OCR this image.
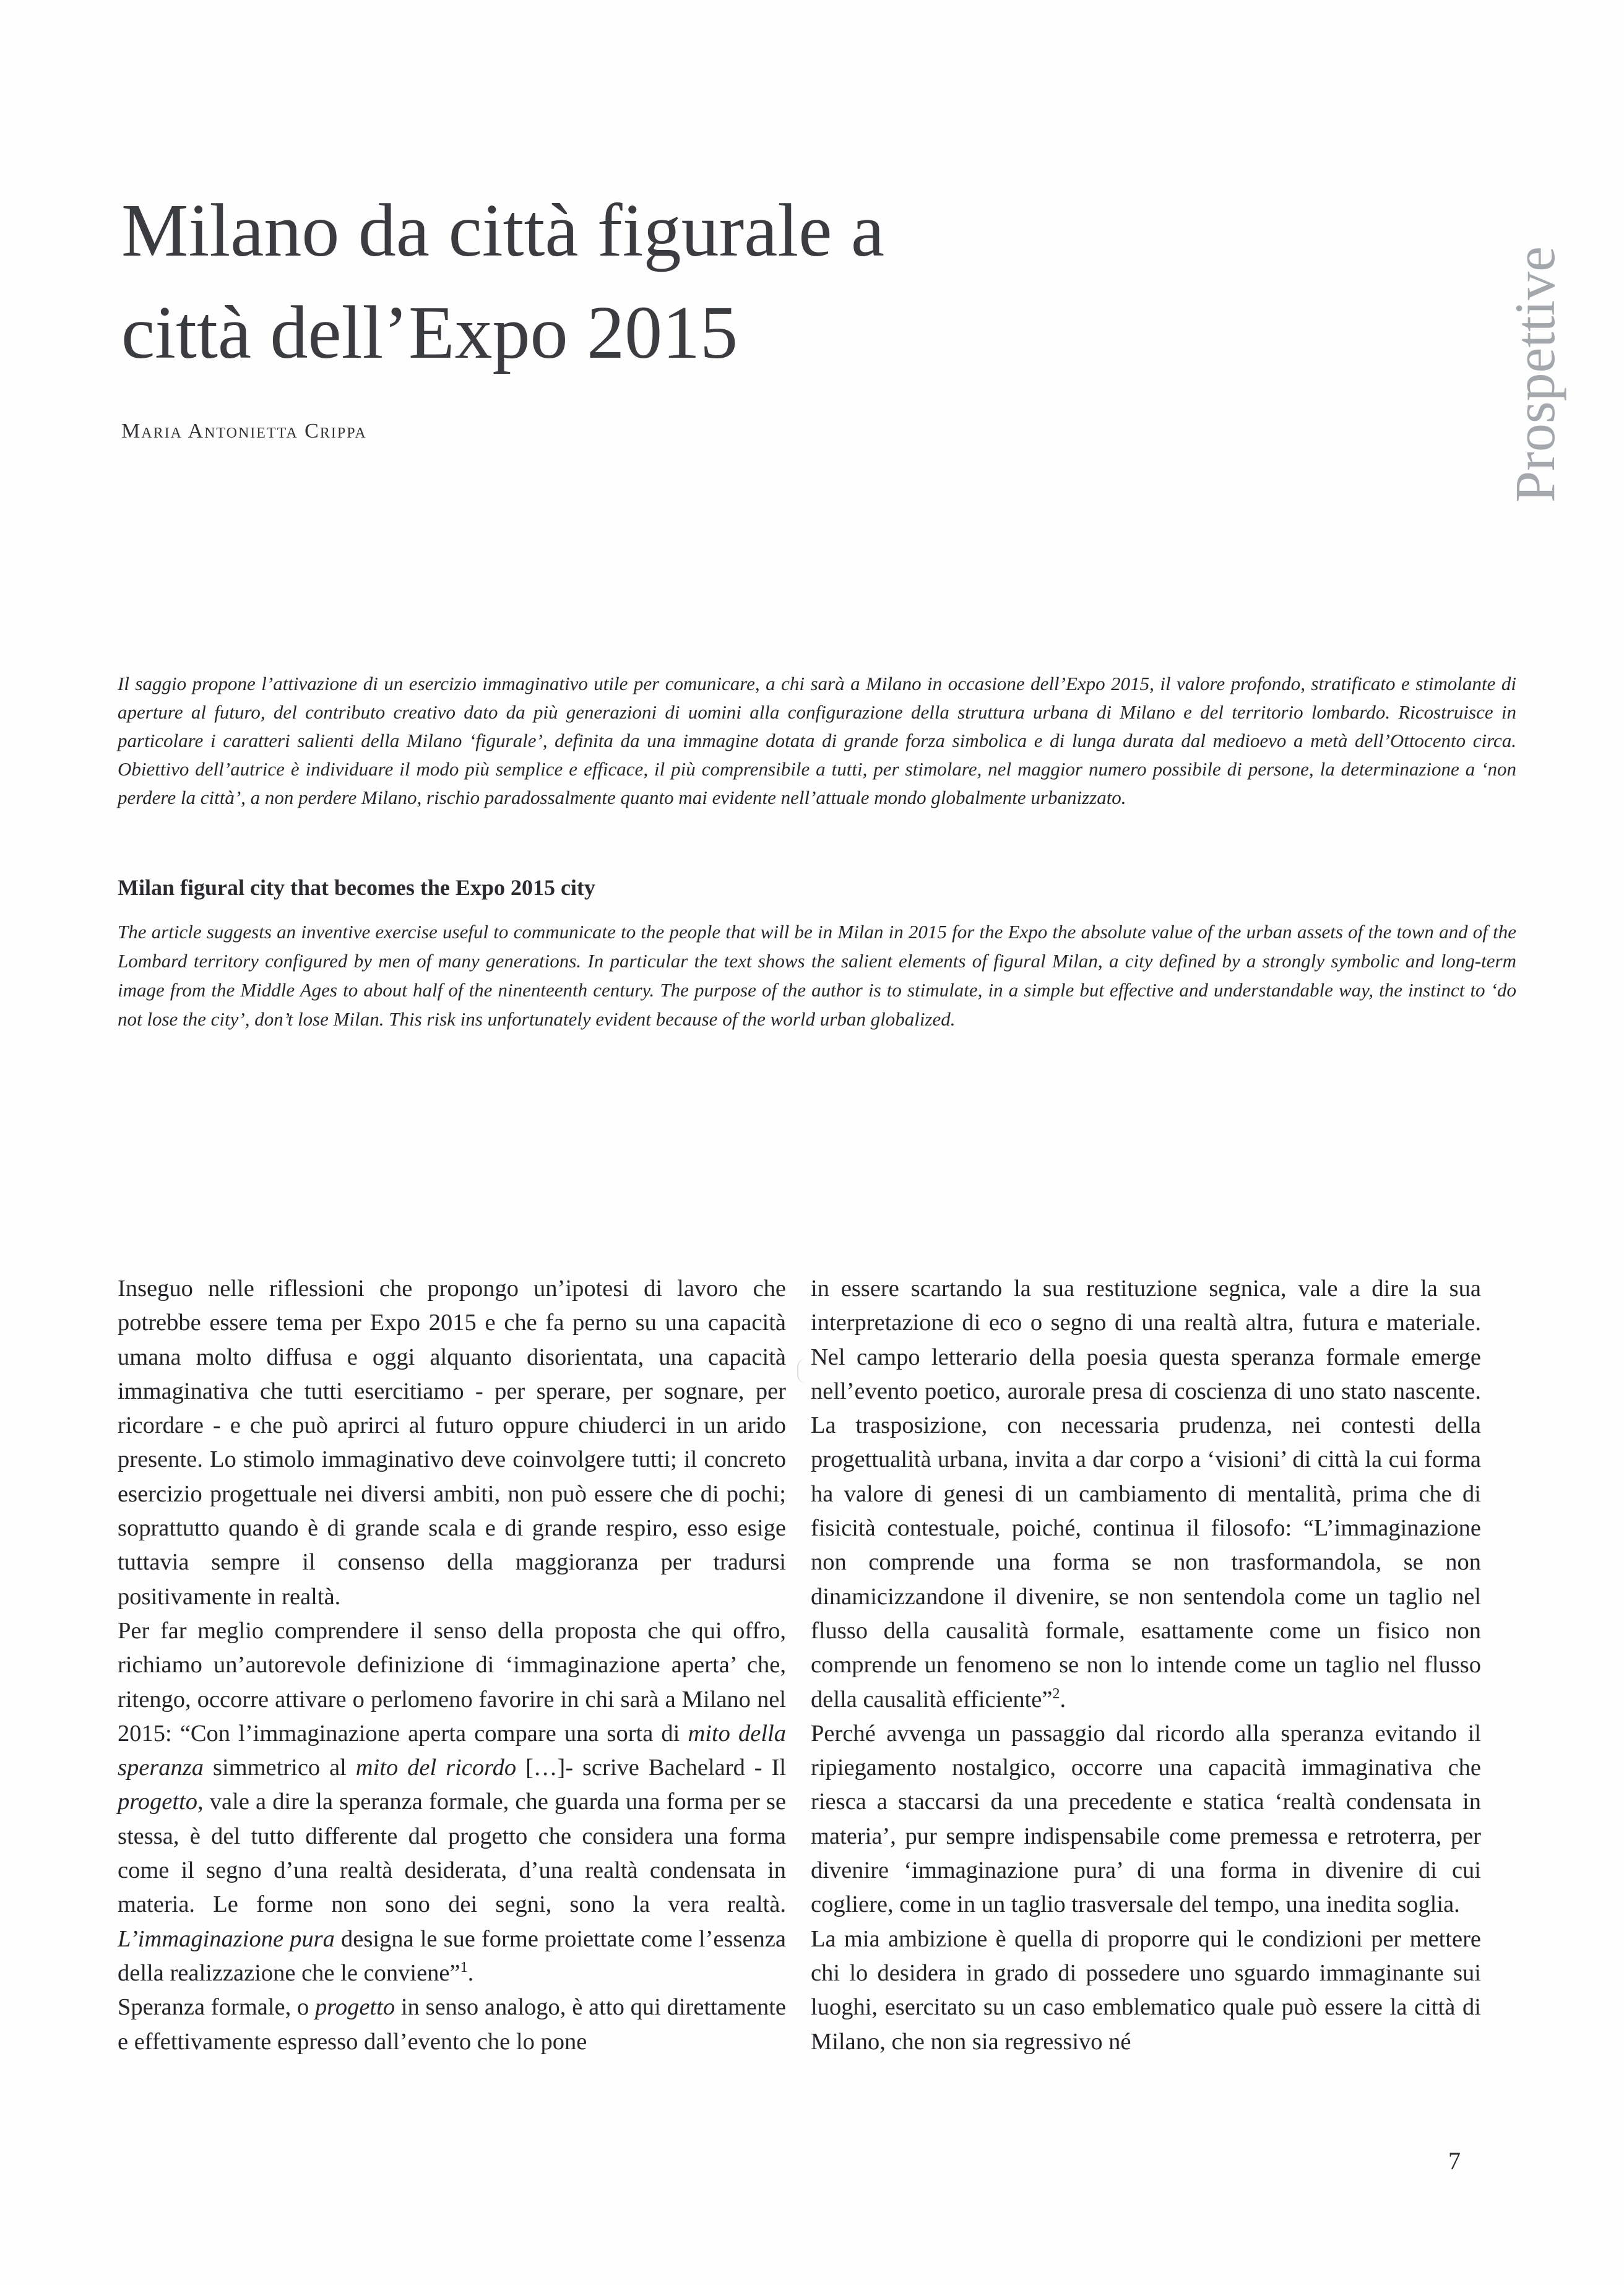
Prospettive
Milano da città figurale a
città dell’Expo 2015
Maria Antonietta Crippa

Il saggio propone l’attivazione di un esercizio immaginativo utile per comunicare, a chi sarà a Milano in occasione dell’Expo 2015, il valore profondo, stratificato e stimolante di aperture al futuro, del contributo creativo dato da più generazioni di uomini alla configurazione della struttura urbana di Milano e del territorio lombardo. Ricostruisce in particolare i caratteri salienti della Milano ‘figurale’, definita da una immagine dotata di grande forza simbolica e di lunga durata dal medioevo a metà dell’Ottocento circa. Obiettivo dell’autrice è individuare il modo più semplice e efficace, il più comprensibile a tutti, per stimolare, nel maggior numero possibile di persone, la determinazione a ‘non perdere la città’, a non perdere Milano, rischio paradossalmente quanto mai evidente nell’attuale mondo globalmente urbanizzato.

Milan figural city that becomes the Expo 2015 city

The article suggests an inventive exercise useful to communicate to the people that will be in Milan in 2015 for the Expo the absolute value of the urban assets of the town and of the Lombard territory configured by men of many generations. In particular the text shows the salient elements of figural Milan, a city defined by a strongly symbolic and long-term image from the Middle Ages to about half of the ninenteenth century. The purpose of the author is to stimulate, in a simple but effective and understandable way, the instinct to ‘do not lose the city’, don’t lose Milan. This risk ins unfortunately evident because of the world urban globalized.

Inseguo nelle riflessioni che propongo un’ipotesi di lavoro che potrebbe essere tema per Expo 2015 e che fa perno su una capacità umana molto diffusa e oggi alquanto disorientata, una capacità immaginativa che tutti esercitiamo - per sperare, per sognare, per ricordare - e che può aprirci al futuro oppure chiuderci in un arido presente. Lo stimolo immaginativo deve coinvolgere tutti; il concreto esercizio progettuale nei diversi ambiti, non può essere che di pochi; soprattutto quando è di grande scala e di grande respiro, esso esige tuttavia sempre il consenso della maggioranza per tradursi positivamente in realtà.

Per far meglio comprendere il senso della proposta che qui offro, richiamo un’autorevole definizione di ‘immaginazione aperta’ che, ritengo, occorre attivare o perlomeno favorire in chi sarà a Milano nel 2015: “Con l’immaginazione aperta compare una sorta di mito della speranza simmetrico al mito del ricordo […]- scrive Bachelard - Il progetto, vale a dire la speranza formale, che guarda una forma per se stessa, è del tutto differente dal progetto che considera una forma come il segno d’una realtà desiderata, d’una realtà condensata in materia. Le forme non sono dei segni, sono la vera realtà. L’immaginazione pura designa le sue forme proiettate come l’essenza della realizzazione che le conviene”$^1$.

Speranza formale, o progetto in senso analogo, è atto qui direttamente e effettivamente espresso dall’evento che lo pone

in essere scartando la sua restituzione segnica, vale a dire la sua interpretazione di eco o segno di una realtà altra, futura e materiale. Nel campo letterario della poesia questa speranza formale emerge nell’evento poetico, aurorale presa di coscienza di uno stato nascente. La trasposizione, con necessaria prudenza, nei contesti della progettualità urbana, invita a dar corpo a ‘visioni’ di città la cui forma ha valore di genesi di un cambiamento di mentalità, prima che di fisicità contestuale, poiché, continua il filosofo: “L’immaginazione non comprende una forma se non trasformandola, se non dinamicizzandone il divenire, se non sentendola come un taglio nel flusso della causalità formale, esattamente come un fisico non comprende un fenomeno se non lo intende come un taglio nel flusso della causalità efficiente”$^2$.

Perché avvenga un passaggio dal ricordo alla speranza evitando il ripiegamento nostalgico, occorre una capacità immaginativa che riesca a staccarsi da una precedente e statica ‘realtà condensata in materia’, pur sempre indispensabile come premessa e retroterra, per divenire ‘immaginazione pura’ di una forma in divenire di cui cogliere, come in un taglio trasversale del tempo, una inedita soglia.

La mia ambizione è quella di proporre qui le condizioni per mettere chi lo desidera in grado di possedere uno sguardo immaginante sui luoghi, esercitato su un caso emblematico quale può essere la città di Milano, che non sia regressivo né

7
